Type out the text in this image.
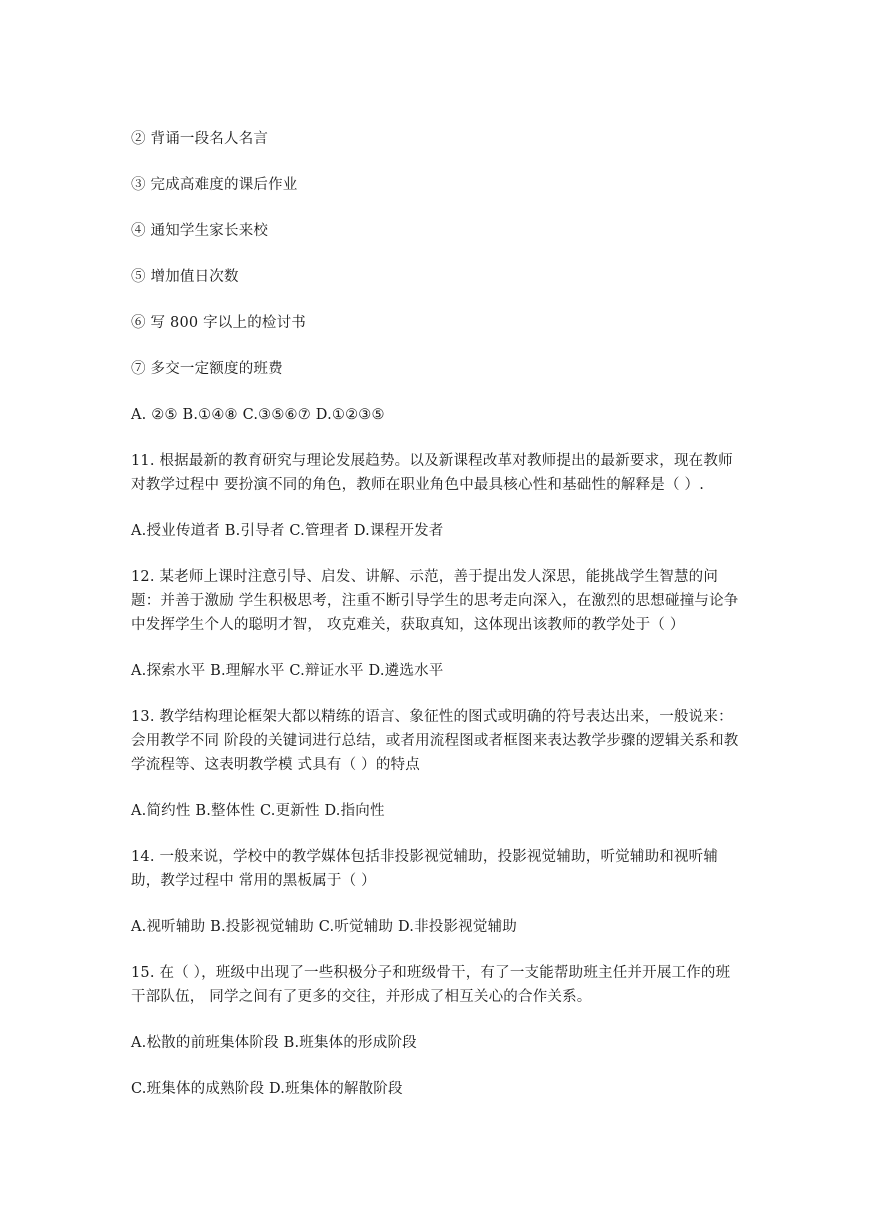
② 背诵一段名人名言

③ 完成高难度的课后作业

④ 通知学生家长来校

⑤ 增加值日次数

⑥ 写 800 字以上的检讨书

⑦ 多交一定额度的班费

A. ②⑤ B.①④⑧ C.③⑤⑥⑦ D.①②③⑤

11. 根据最新的教育研究与理论发展趋势。以及新课程改革对教师提出的最新要求，现在教师对教学过程中 要扮演不同的角色，教师在职业角色中最具核心性和基础性的解释是（ ）.

A.授业传道者 B.引导者 C.管理者 D.课程开发者

12. 某老师上课时注意引导、启发、讲解、示范，善于提出发人深思，能挑战学生智慧的问题：并善于激励 学生积极思考，注重不断引导学生的思考走向深入，在激烈的思想碰撞与论争中发挥学生个人的聪明才智， 攻克难关，获取真知，这体现出该教师的教学处于（ ）

A.探索水平 B.理解水平 C.辩证水平 D.遴选水平

13. 教学结构理论框架大都以精练的语言、象征性的图式或明确的符号表达出来，一般说来：会用教学不同 阶段的关键词进行总结，或者用流程图或者框图来表达教学步骤的逻辑关系和教学流程等、这表明教学模 式具有（ ）的特点

A.简约性 B.整体性 C.更新性 D.指向性

14. 一般来说，学校中的教学媒体包括非投影视觉辅助，投影视觉辅助，听觉辅助和视听辅助，教学过程中 常用的黑板属于（ ）

A.视听辅助 B.投影视觉辅助 C.听觉辅助 D.非投影视觉辅助

15. 在（ ），班级中出现了一些积极分子和班级骨干，有了一支能帮助班主任并开展工作的班干部队伍， 同学之间有了更多的交往，并形成了相互关心的合作关系。

A.松散的前班集体阶段 B.班集体的形成阶段

C.班集体的成熟阶段 D.班集体的解散阶段
